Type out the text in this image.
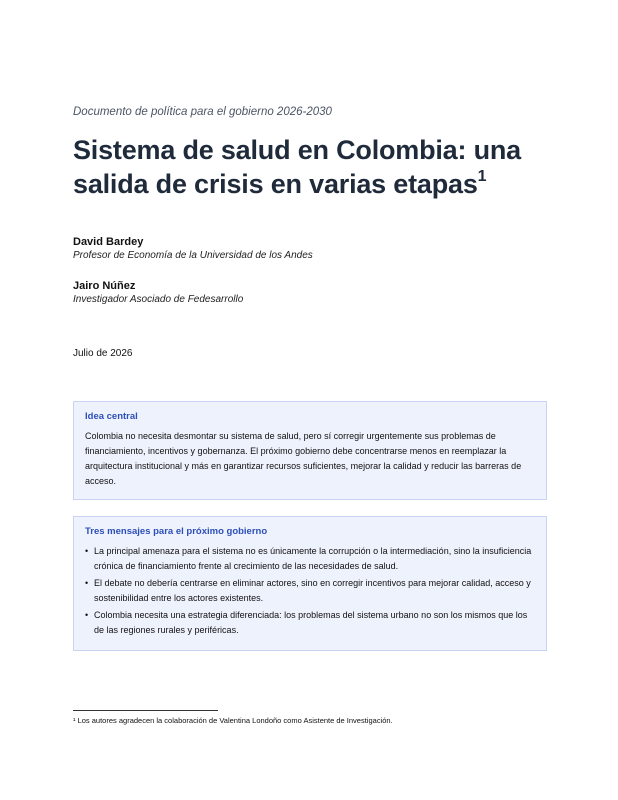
Documento de política para el gobierno 2026-2030
Sistema de salud en Colombia: una salida de crisis en varias etapas$^1$
David Bardey
Profesor de Economía de la Universidad de los Andes
Jairo Núñez
Investigador Asociado de Fedesarrollo
Julio de 2026
Idea central
Colombia no necesita desmontar su sistema de salud, pero sí corregir urgentemente sus problemas de financiamiento, incentivos y gobernanza. El próximo gobierno debe concentrarse menos en reemplazar la arquitectura institucional y más en garantizar recursos suficientes, mejorar la calidad y reducir las barreras de acceso.
Tres mensajes para el próximo gobierno
• La principal amenaza para el sistema no es únicamente la corrupción o la intermediación, sino la insuficiencia crónica de financiamiento frente al crecimiento de las necesidades de salud.
• El debate no debería centrarse en eliminar actores, sino en corregir incentivos para mejorar calidad, acceso y sostenibilidad entre los actores existentes.
• Colombia necesita una estrategia diferenciada: los problemas del sistema urbano no son los mismos que los de las regiones rurales y periféricas.
¹ Los autores agradecen la colaboración de Valentina Londoño como Asistente de Investigación.
